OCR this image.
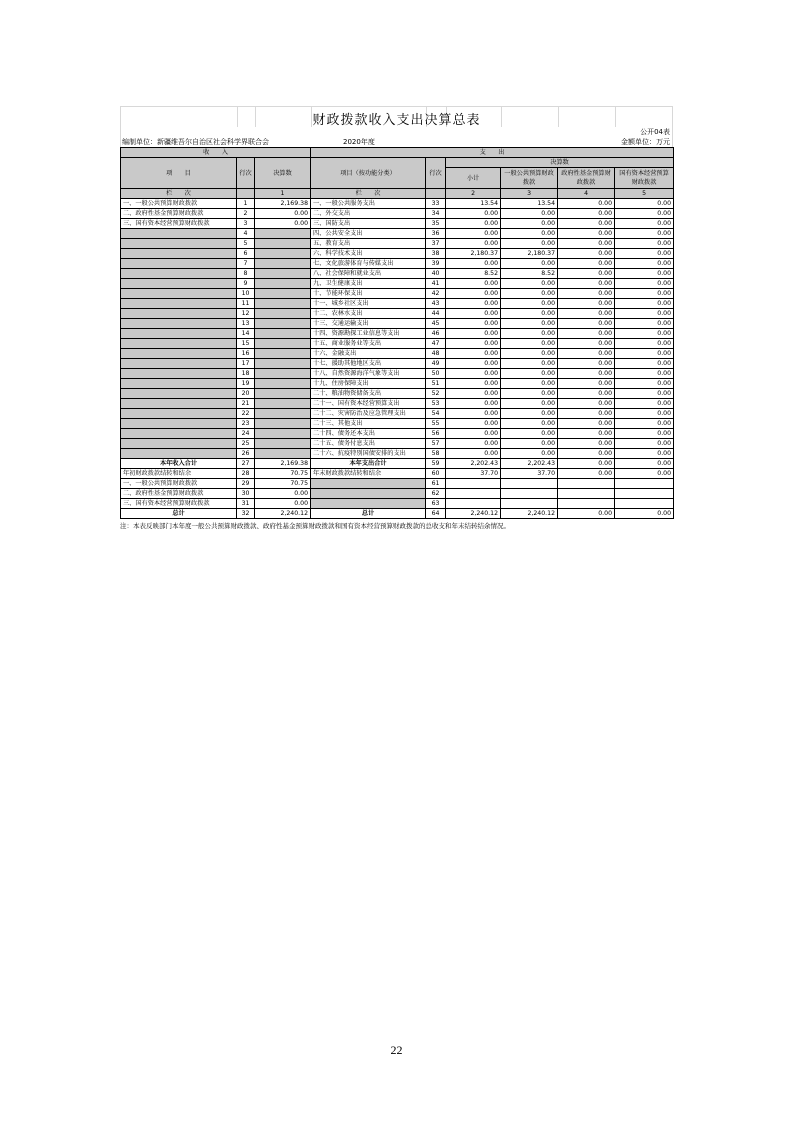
财政拨款收入支出决算总表
公开04表
编制单位：新疆维吾尔自治区社会科学界联合会	2020年度	金额单位：万元
收　　入			支　　出					
项　　目	行次	决算数	项目（按功能分类）	行次	决算数			
					小计	一般公共预算财政拨款	政府性基金预算财政拨款	国有资本经营预算财政拨款
栏　　次		1	栏　　次		2	3	4	5
一、一般公共预算财政拨款	1	2,169.38	一、一般公共服务支出	33	13.54	13.54	0.00	0.00
二、政府性基金预算财政拨款	2	0.00	二、外交支出	34	0.00	0.00	0.00	0.00
三、国有资本经营预算财政拨款	3	0.00	三、国防支出	35	0.00	0.00	0.00	0.00
	4		四、公共安全支出	36	0.00	0.00	0.00	0.00
	5		五、教育支出	37	0.00	0.00	0.00	0.00
	6		六、科学技术支出	38	2,180.37	2,180.37	0.00	0.00
	7		七、文化旅游体育与传媒支出	39	0.00	0.00	0.00	0.00
	8		八、社会保障和就业支出	40	8.52	8.52	0.00	0.00
	9		九、卫生健康支出	41	0.00	0.00	0.00	0.00
	10		十、节能环保支出	42	0.00	0.00	0.00	0.00
	11		十一、城乡社区支出	43	0.00	0.00	0.00	0.00
	12		十二、农林水支出	44	0.00	0.00	0.00	0.00
	13		十三、交通运输支出	45	0.00	0.00	0.00	0.00
	14		十四、资源勘探工业信息等支出	46	0.00	0.00	0.00	0.00
	15		十五、商业服务业等支出	47	0.00	0.00	0.00	0.00
	16		十六、金融支出	48	0.00	0.00	0.00	0.00
	17		十七、援助其他地区支出	49	0.00	0.00	0.00	0.00
	18		十八、自然资源海洋气象等支出	50	0.00	0.00	0.00	0.00
	19		十九、住房保障支出	51	0.00	0.00	0.00	0.00
	20		二十、粮油物资储备支出	52	0.00	0.00	0.00	0.00
	21		二十一、国有资本经营预算支出	53	0.00	0.00	0.00	0.00
	22		二十二、灾害防治及应急管理支出	54	0.00	0.00	0.00	0.00
	23		二十三、其他支出	55	0.00	0.00	0.00	0.00
	24		二十四、债务还本支出	56	0.00	0.00	0.00	0.00
	25		二十五、债务付息支出	57	0.00	0.00	0.00	0.00
	26		二十六、抗疫特别国债安排的支出	58	0.00	0.00	0.00	0.00
本年收入合计	27	2,169.38	本年支出合计	59	2,202.43	2,202.43	0.00	0.00
年初财政拨款结转和结余	28	70.75	年末财政拨款结转和结余	60	37.70	37.70	0.00	0.00
一、一般公共预算财政拨款	29	70.75		61				
二、政府性基金预算财政拨款	30	0.00		62				
三、国有资本经营预算财政拨款	31	0.00		63				
总计	32	2,240.12	总计	64	2,240.12	2,240.12	0.00	0.00
注：本表反映部门本年度一般公共预算财政拨款、政府性基金预算财政拨款和国有资本经营预算财政拨款的总收支和年末结转结余情况。
22
